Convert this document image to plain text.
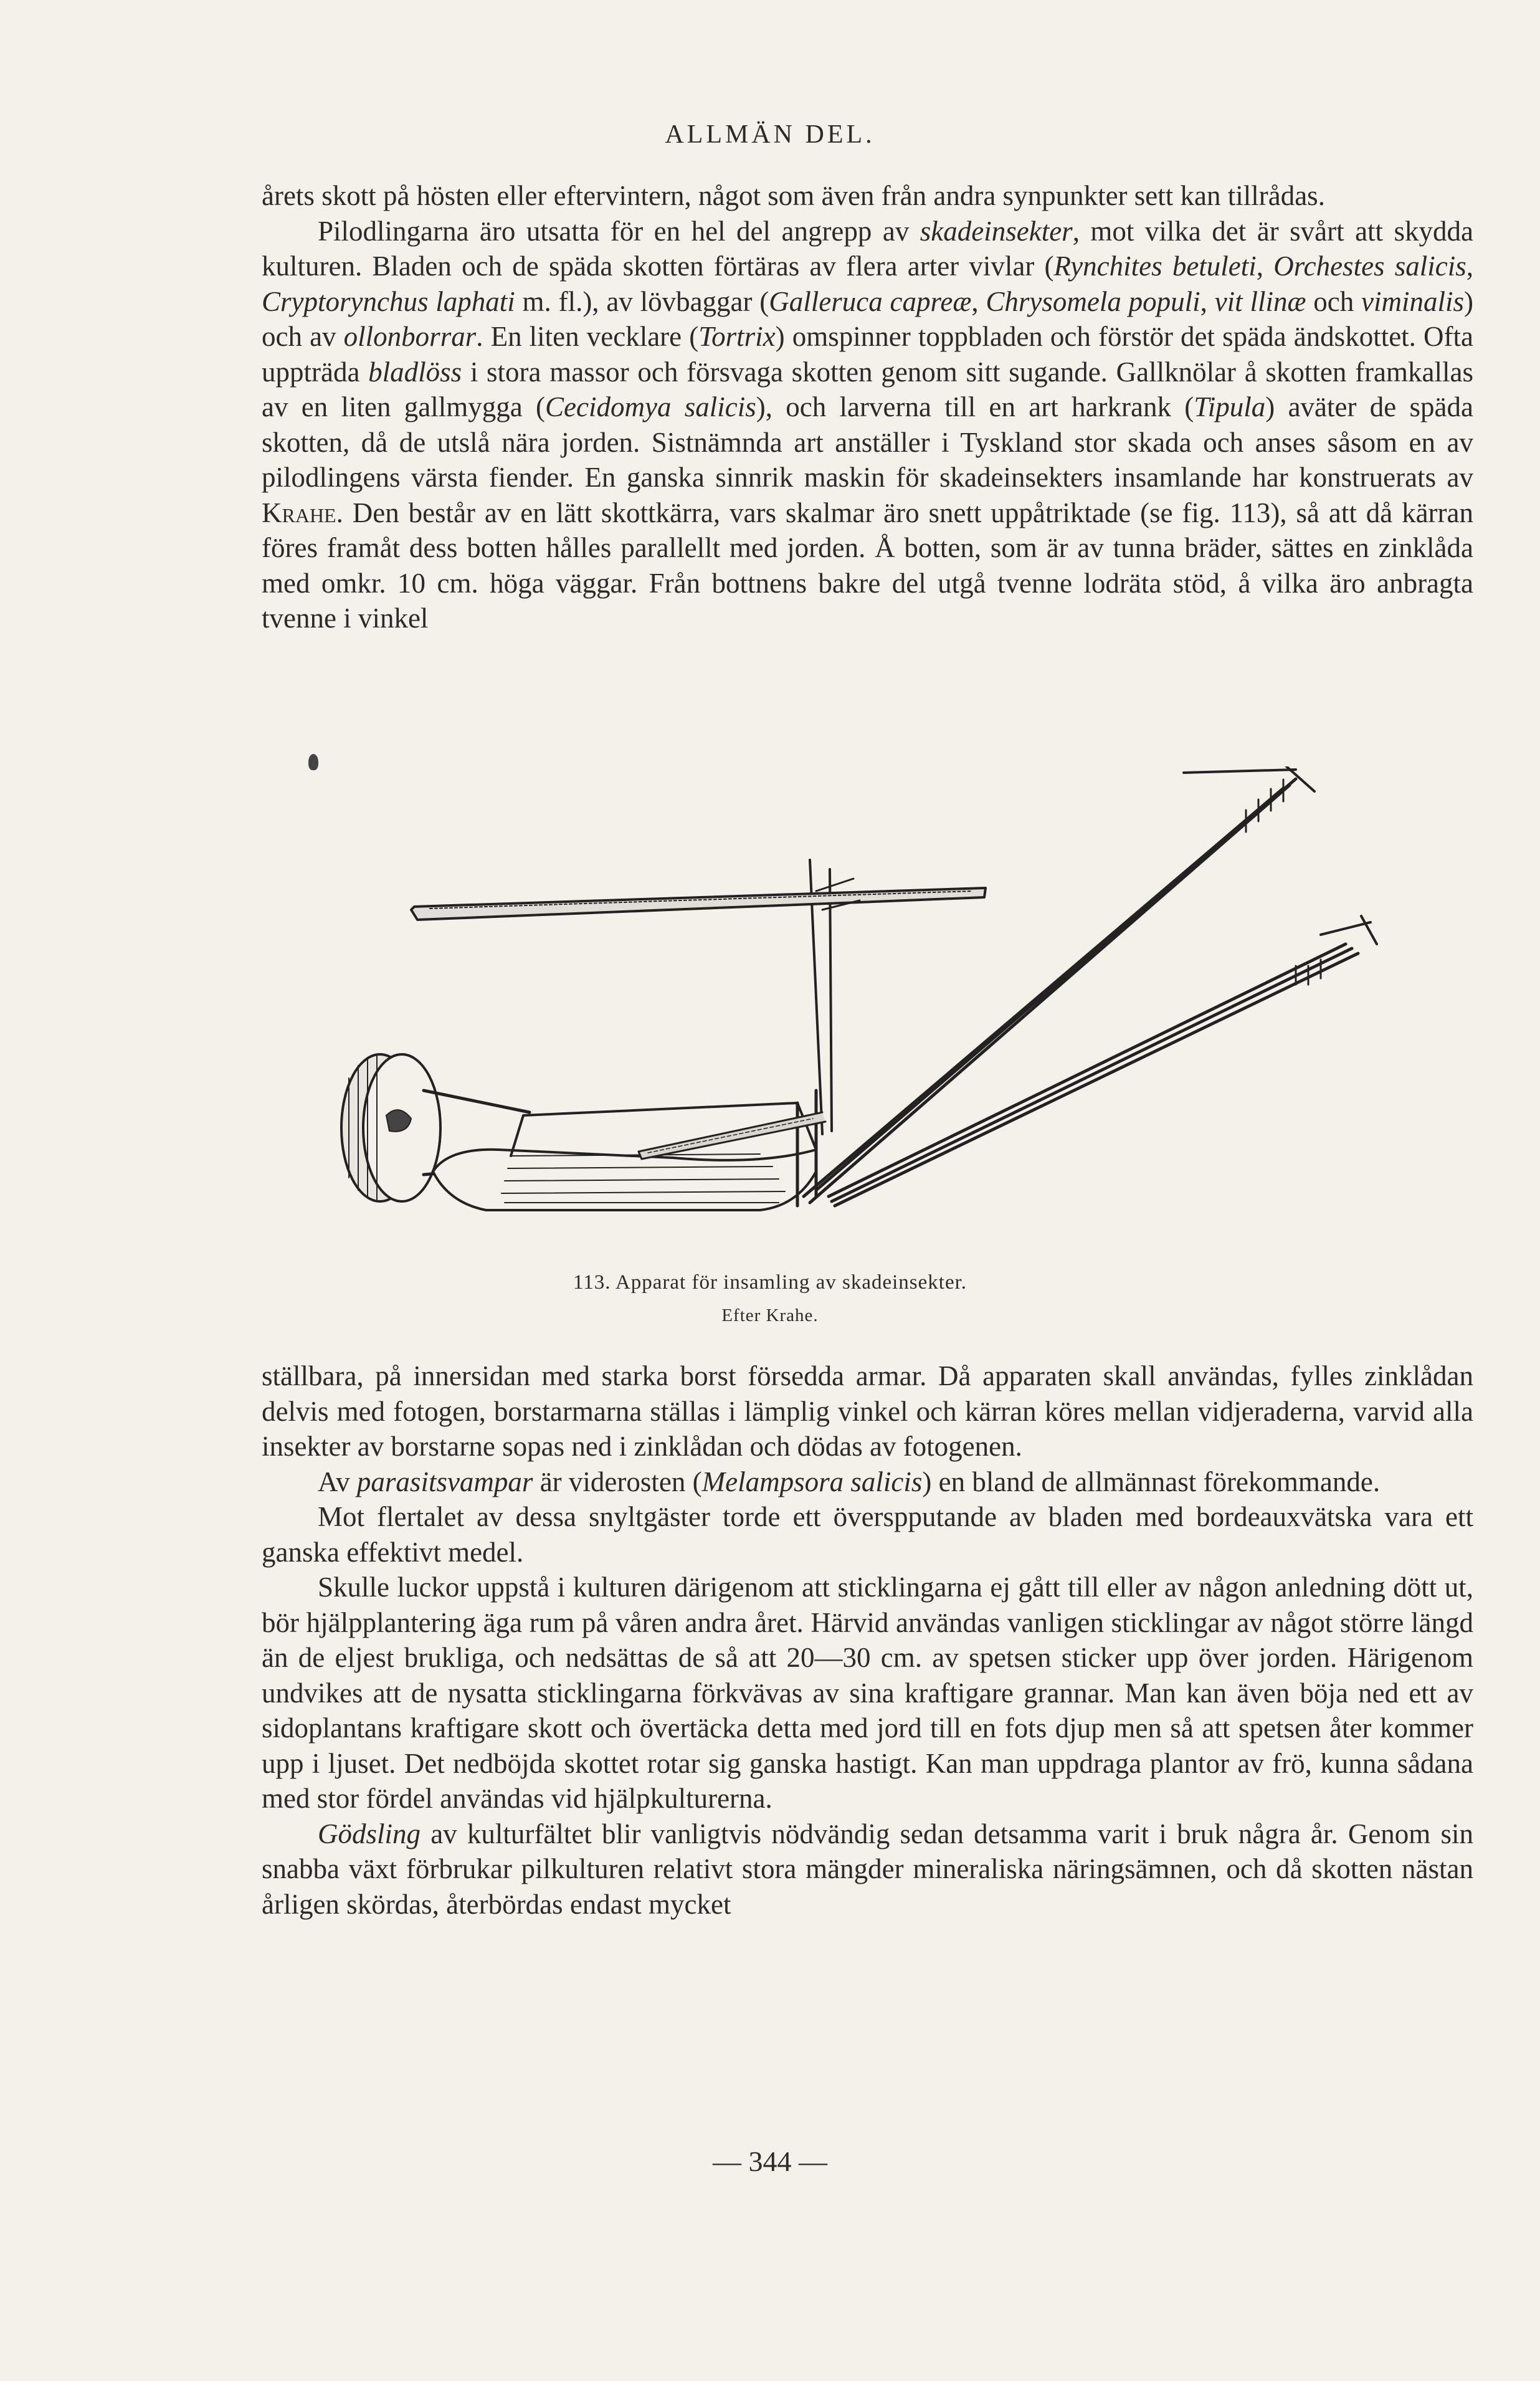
ALLMÄN DEL.

årets skott på hösten eller eftervintern, något som även från andra synpunkter sett kan tillrådas.

Pilodlingarna äro utsatta för en hel del angrepp av skadeinsekter, mot vilka det är svårt att skydda kulturen. Bladen och de späda skotten förtäras av flera arter vivlar (Rynchites betuleti, Orchestes salicis, Cryptorynchus laphati m. fl.), av lövbaggar (Galleruca capreæ, Chrysomela populi, vit llinæ och viminalis) och av ollonborrar. En liten vecklare (Tortrix) omspinner toppbladen och förstör det späda ändskottet. Ofta uppträda bladlöss i stora massor och försvaga skotten genom sitt sugande. Gallknölar å skotten framkallas av en liten gallmygga (Cecidomya salicis), och larverna till en art harkrank (Tipula) aväter de späda skotten, då de utslå nära jorden. Sistnämnda art anställer i Tyskland stor skada och anses såsom en av pilodlingens värsta fiender. En ganska sinnrik maskin för skadeinsekters insamlande har konstruerats av Krahe. Den består av en lätt skottkärra, vars skalmar äro snett uppåtriktade (se fig. 113), så att då kärran föres framåt dess botten hålles parallellt med jorden. Å botten, som är av tunna bräder, sättes en zinklåda med omkr. 10 cm. höga väggar. Från bottnens bakre del utgå tvenne lodräta stöd, å vilka äro anbragta tvenne i vinkel

113. Apparat för insamling av skadeinsekter.
Efter Krahe.

ställbara, på innersidan med starka borst försedda armar. Då apparaten skall användas, fylles zinklådan delvis med fotogen, borstarmarna ställas i lämplig vinkel och kärran köres mellan vidjeraderna, varvid alla insekter av borstarne sopas ned i zinklådan och dödas av fotogenen.

Av parasitsvampar är viderosten (Melampsora salicis) en bland de allmännast förekommande.

Mot flertalet av dessa snyltgäster torde ett överspрutande av bladen med bordeauxvätska vara ett ganska effektivt medel.

Skulle luckor uppstå i kulturen därigenom att sticklingarna ej gått till eller av någon anledning dött ut, bör hjälpplantering äga rum på våren andra året. Härvid användas vanligen sticklingar av något större längd än de eljest brukliga, och nedsättas de så att 20—30 cm. av spetsen sticker upp över jorden. Härigenom undvikes att de nysatta sticklingarna förkvävas av sina kraftigare grannar. Man kan även böja ned ett av sidoplantans kraftigare skott och övertäcka detta med jord till en fots djup men så att spetsen åter kommer upp i ljuset. Det nedböjda skottet rotar sig ganska hastigt. Kan man uppdraga plantor av frö, kunna sådana med stor fördel användas vid hjälpkulturerna.

Gödsling av kulturfältet blir vanligtvis nödvändig sedan detsamma varit i bruk några år. Genom sin snabba växt förbrukar pilkulturen relativt stora mängder mineraliska näringsämnen, och då skotten nästan årligen skördas, återbördas endast mycket

— 344 —
